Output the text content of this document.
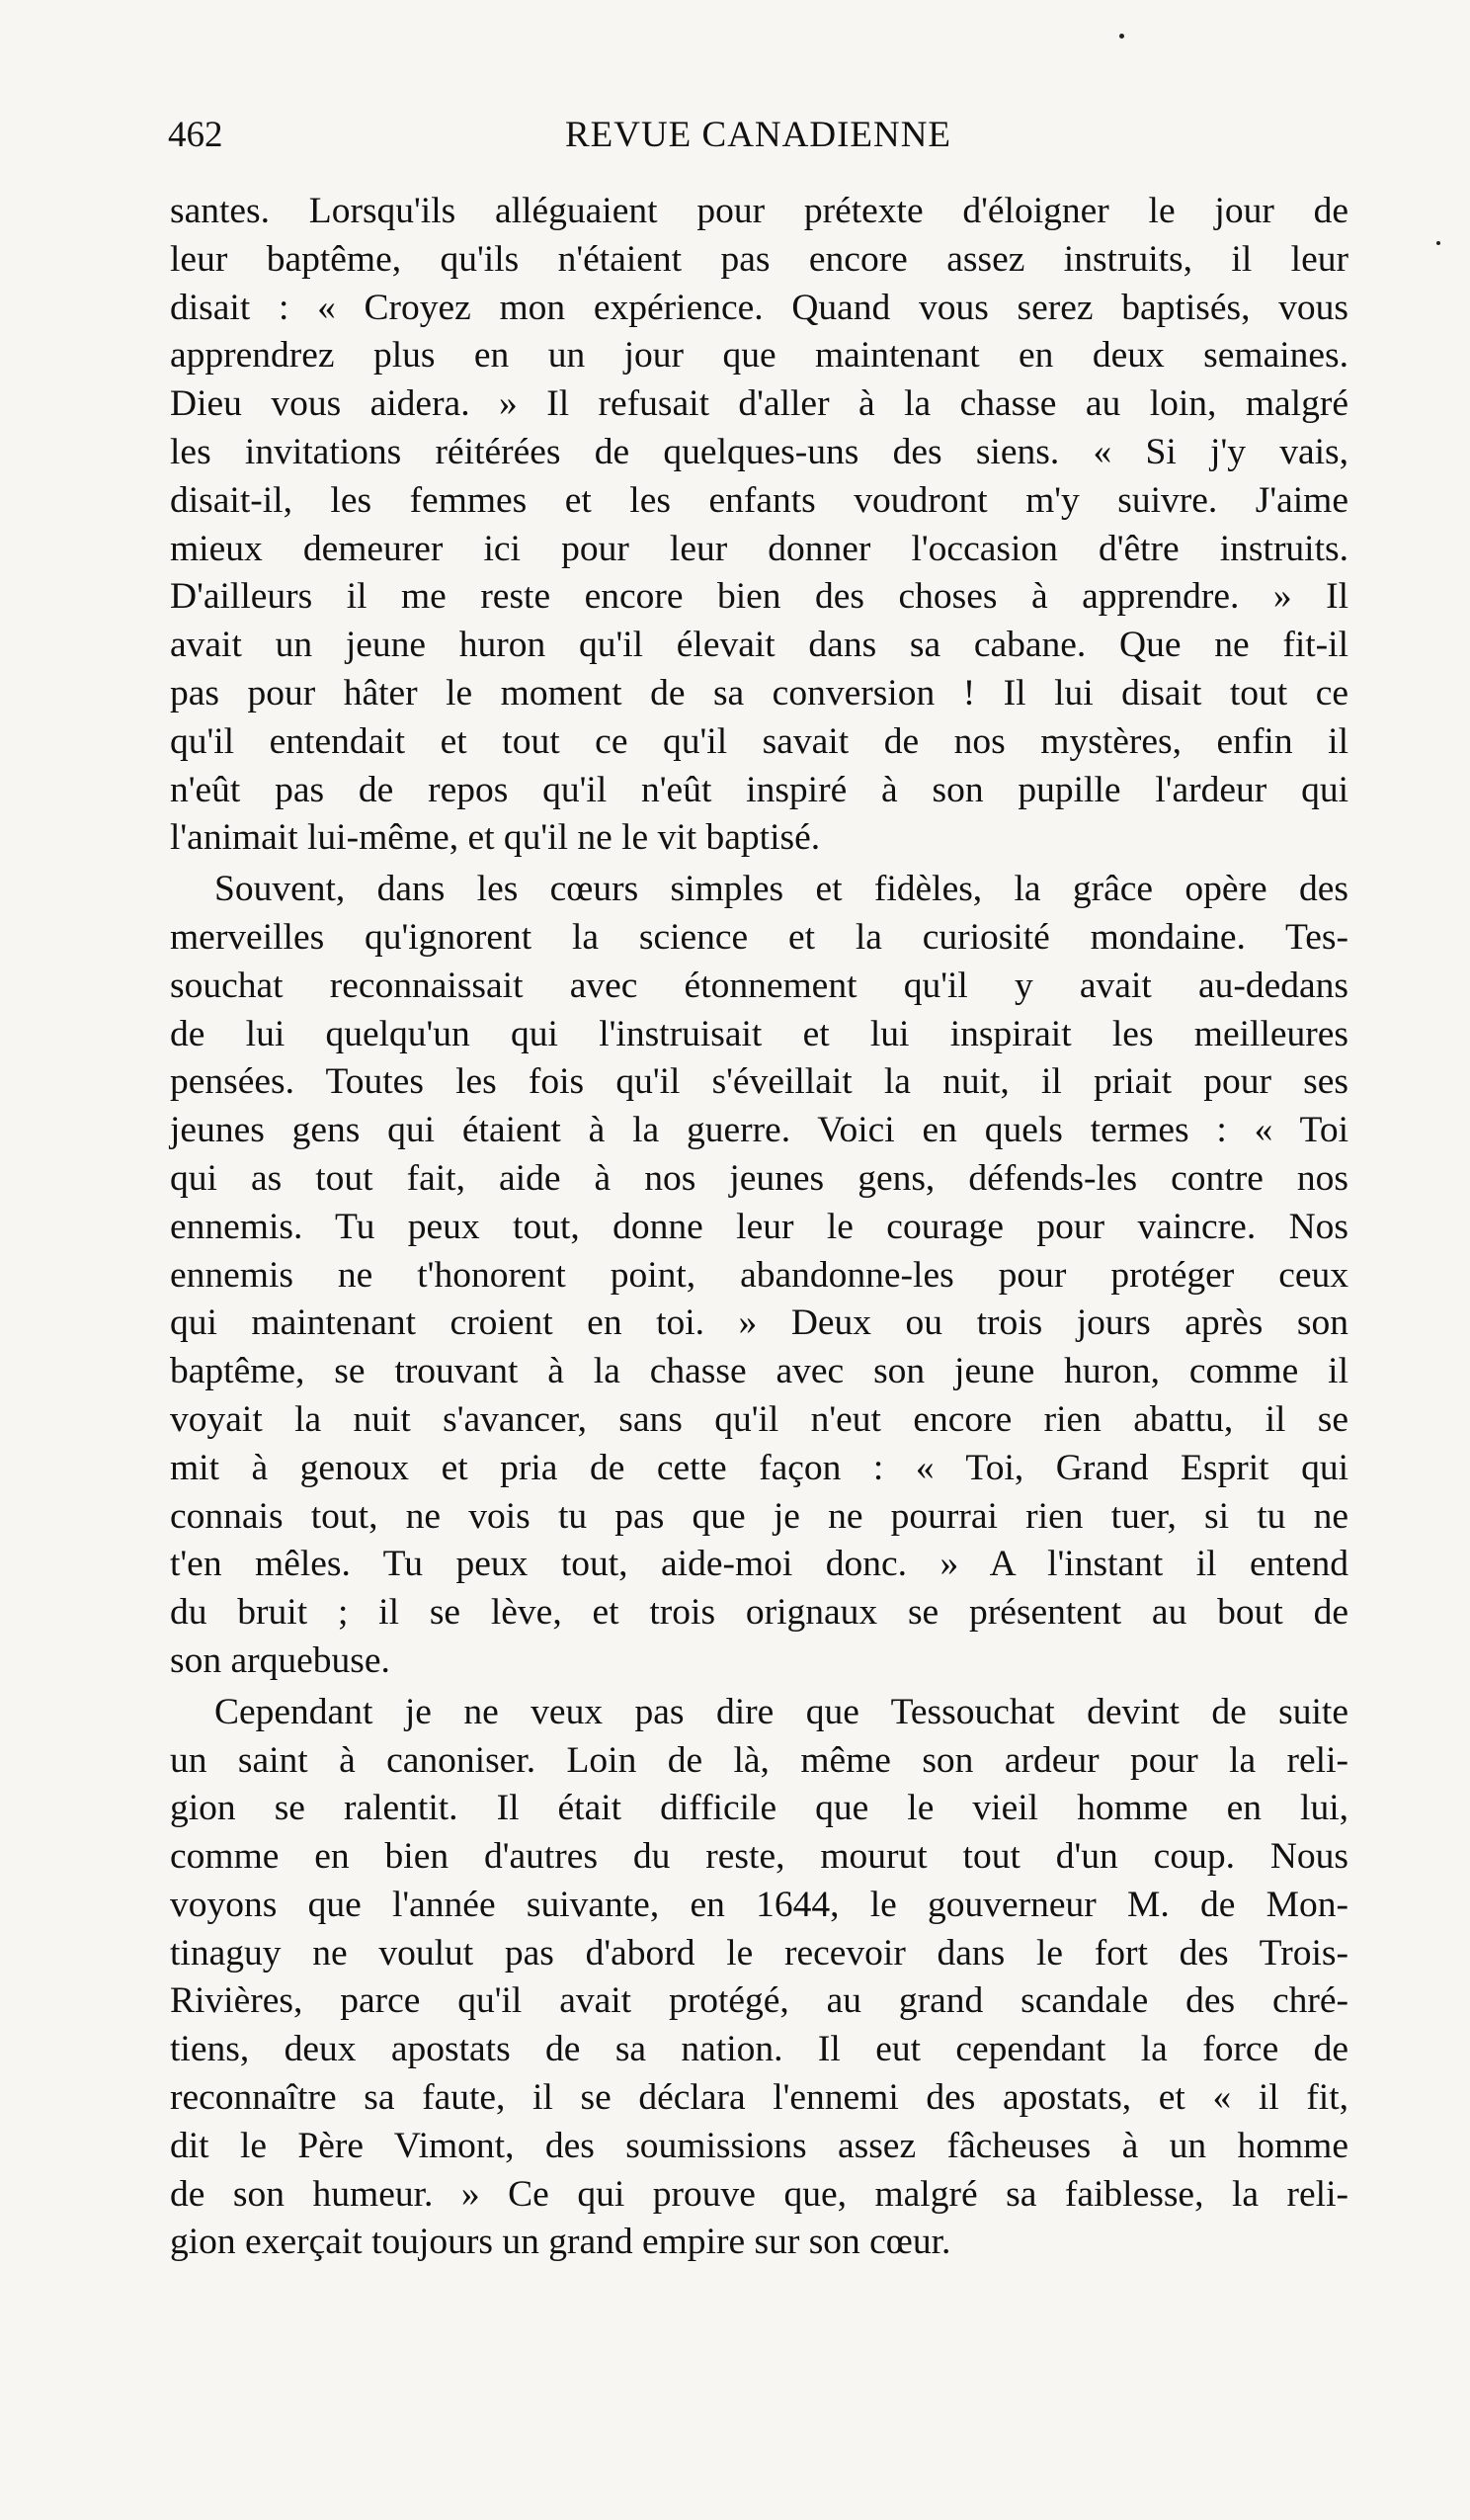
462	REVUE CANADIENNE

santes. Lorsqu'ils alléguaient pour prétexte d'éloigner le jour de
leur baptême, qu'ils n'étaient pas encore assez instruits, il leur
disait : « Croyez mon expérience. Quand vous serez baptisés, vous
apprendrez plus en un jour que maintenant en deux semaines.
Dieu vous aidera. » Il refusait d'aller à la chasse au loin, malgré
les invitations réitérées de quelques-uns des siens. « Si j'y vais,
disait-il, les femmes et les enfants voudront m'y suivre. J'aime
mieux demeurer ici pour leur donner l'occasion d'être instruits.
D'ailleurs il me reste encore bien des choses à apprendre. » Il
avait un jeune huron qu'il élevait dans sa cabane. Que ne fit-il
pas pour hâter le moment de sa conversion ! Il lui disait tout ce
qu'il entendait et tout ce qu'il savait de nos mystères, enfin il
n'eût pas de repos qu'il n'eût inspiré à son pupille l'ardeur qui
l'animait lui-même, et qu'il ne le vit baptisé.

Souvent, dans les cœurs simples et fidèles, la grâce opère des
merveilles qu'ignorent la science et la curiosité mondaine. Tes-
souchat reconnaissait avec étonnement qu'il y avait au-dedans
de lui quelqu'un qui l'instruisait et lui inspirait les meilleures
pensées. Toutes les fois qu'il s'éveillait la nuit, il priait pour ses
jeunes gens qui étaient à la guerre. Voici en quels termes : « Toi
qui as tout fait, aide à nos jeunes gens, défends-les contre nos
ennemis. Tu peux tout, donne leur le courage pour vaincre. Nos
ennemis ne t'honorent point, abandonne-les pour protéger ceux
qui maintenant croient en toi. » Deux ou trois jours après son
baptême, se trouvant à la chasse avec son jeune huron, comme il
voyait la nuit s'avancer, sans qu'il n'eut encore rien abattu, il se
mit à genoux et pria de cette façon : « Toi, Grand Esprit qui
connais tout, ne vois tu pas que je ne pourrai rien tuer, si tu ne
t'en mêles. Tu peux tout, aide-moi donc. » A l'instant il entend
du bruit ; il se lève, et trois orignaux se présentent au bout de
son arquebuse.

Cependant je ne veux pas dire que Tessouchat devint de suite
un saint à canoniser. Loin de là, même son ardeur pour la reli-
gion se ralentit. Il était difficile que le vieil homme en lui,
comme en bien d'autres du reste, mourut tout d'un coup. Nous
voyons que l'année suivante, en 1644, le gouverneur M. de Mon-
tinaguy ne voulut pas d'abord le recevoir dans le fort des Trois-
Rivières, parce qu'il avait protégé, au grand scandale des chré-
tiens, deux apostats de sa nation. Il eut cependant la force de
reconnaître sa faute, il se déclara l'ennemi des apostats, et « il fit,
dit le Père Vimont, des soumissions assez fâcheuses à un homme
de son humeur. » Ce qui prouve que, malgré sa faiblesse, la reli-
gion exerçait toujours un grand empire sur son cœur.
